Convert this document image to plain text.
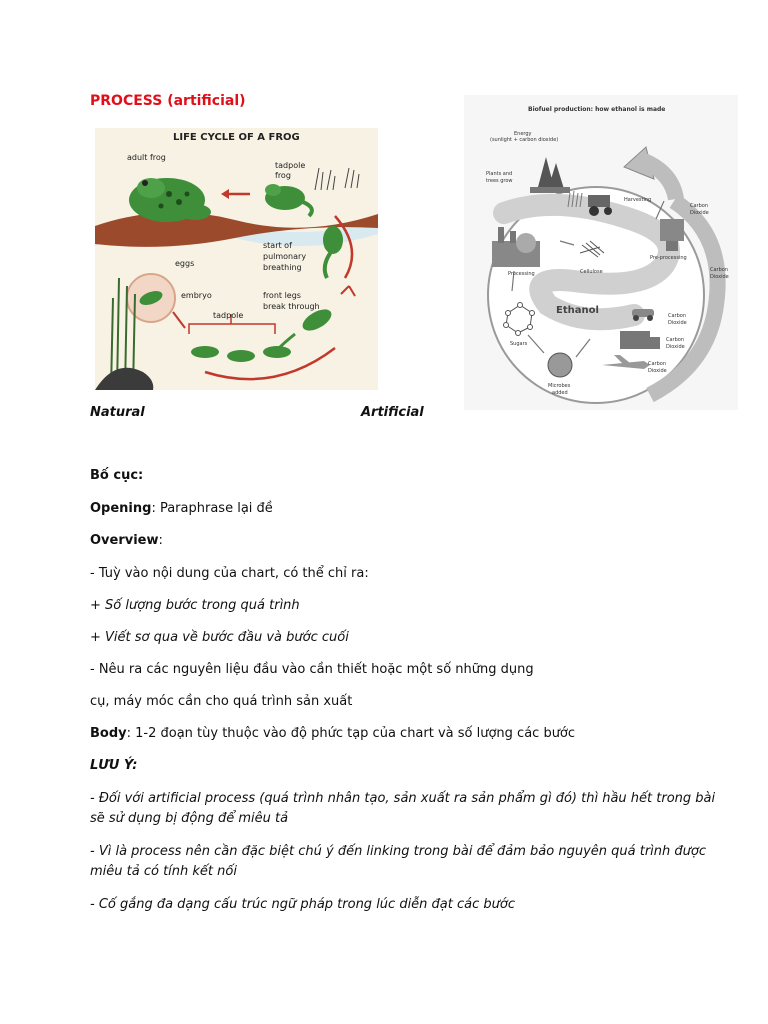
PROCESS (artificial)
LIFE CYCLE OF A FROG
adult frog
tadpole
frog
eggs
embryo
tadpole
start of
pulmonary
breathing
front legs
break through
Biofuel production: how ethanol is made
Energy
(sunlight + carbon dioxide)
Plants and
trees grow
Harvesting
Carbon
Dioxide
Pre-processing
Processing	Cellulose	Carbon
Dioxide
Ethanol	Carbon
Dioxide
Sugars
Carbon
Dioxide
Carbon
Dioxide
Microbes
added
Natural	Artificial
Bố cục:
Opening: Paraphrase lại đề
Overview:
- Tuỳ vào nội dung của chart, có thể chỉ ra:
+ Số lượng bước trong quá trình
+ Viết sơ qua về bước đầu và bước cuối
- Nêu ra các nguyên liệu đầu vào cần thiết hoặc một số những dụng
cụ, máy móc cần cho quá trình sản xuất
Body: 1-2 đoạn tùy thuộc vào độ phức tạp của chart và số lượng các bước
LƯU Ý:
- Đối với artificial process (quá trình nhân tạo, sản xuất ra sản phẩm gì đó) thì hầu hết trong bài
sẽ sử dụng bị động để miêu tả
- Vì là process nên cần đặc biệt chú ý đến linking trong bài để đảm bảo nguyên quá trình được
miêu tả có tính kết nối
- Cố gắng đa dạng cấu trúc ngữ pháp trong lúc diễn đạt các bước
